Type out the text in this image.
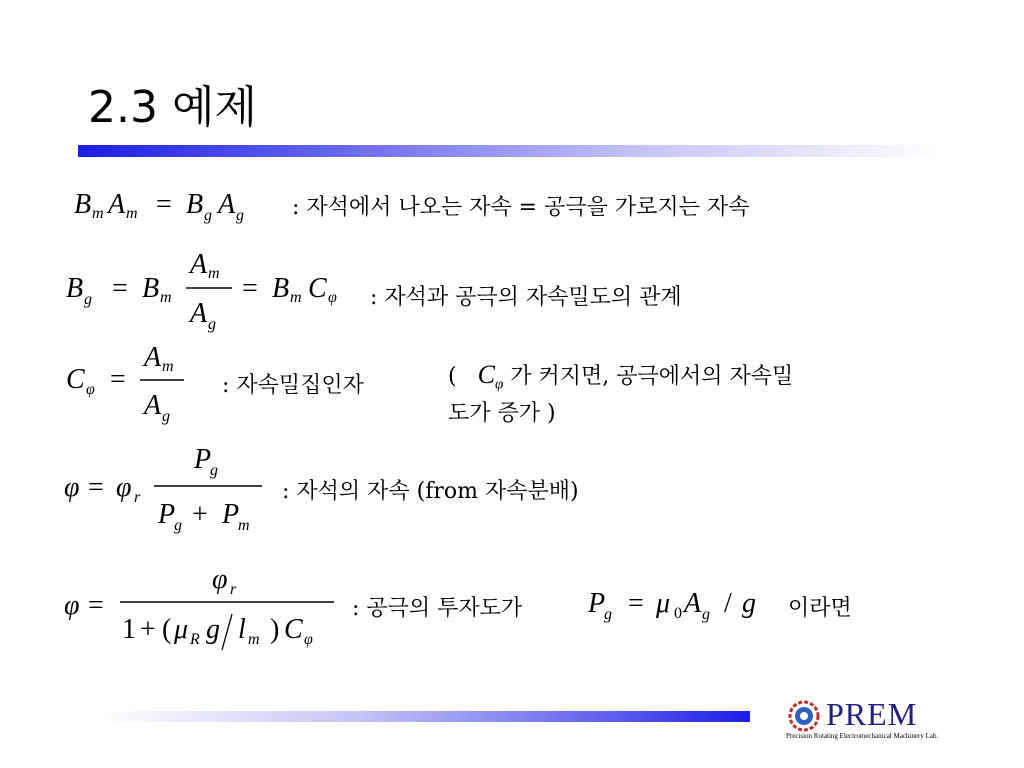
2.3 예제
B m A m = B g A g : 자석에서 나오는 자속 = 공극을 가로지는 자속
B g = B m
A m
A g
= B m C φ : 자석과 공극의 자속밀도의 관계
C φ =
A m
A g
: 자속밀집인자	( $C_\varphi$ 가 커지면, 공극에서의 자속밀
도가 증가 )
φ = φ r
P
g
P
g + P
m
: 자석의 자속 (from 자속분배)
φ =
φ r
1 + ( μ R g l m ) C φ
: 공극의 투자도가 P
g = μ 0 A g / g 이라면
PREM
Precision Rotating Electromechanical Machinery Lab.
